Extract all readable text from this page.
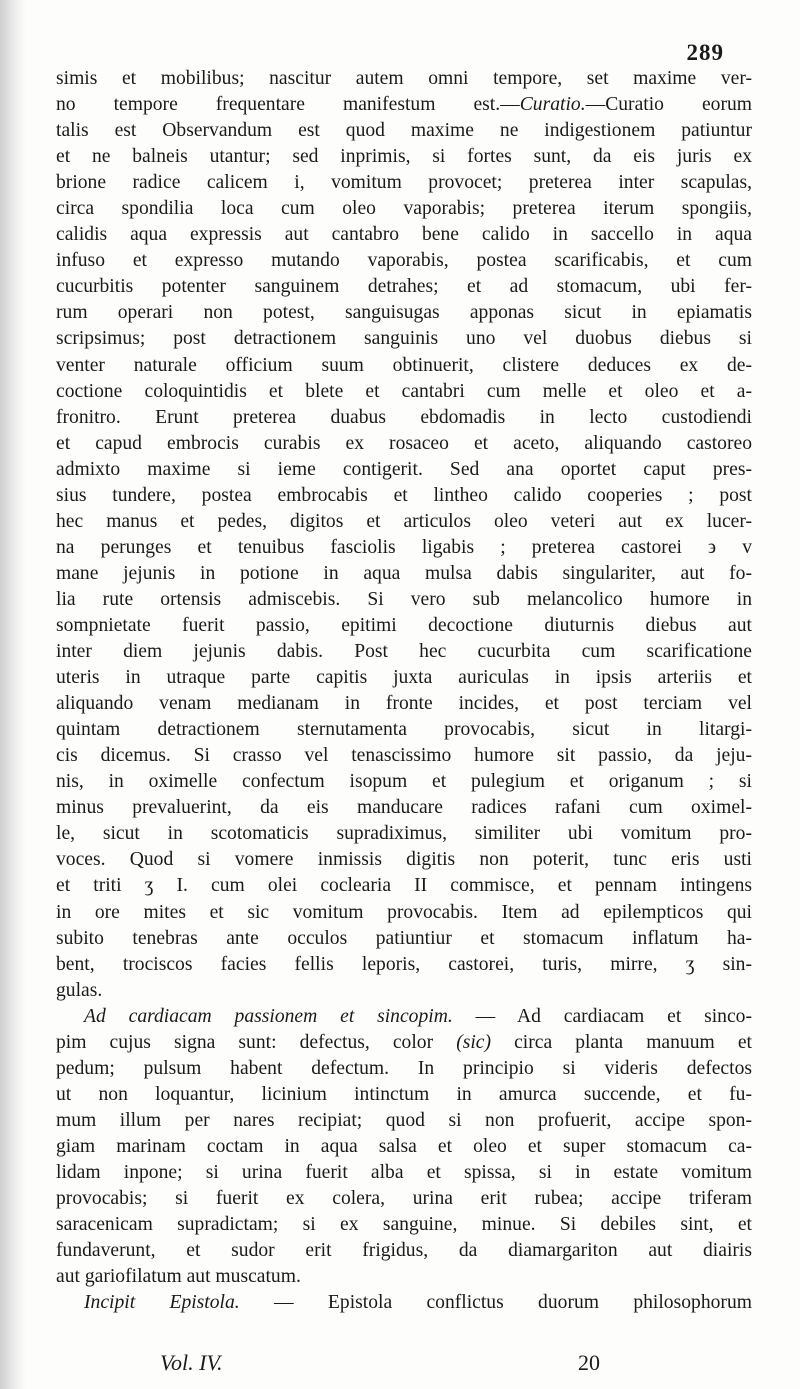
289
simis et mobilibus; nascitur autem omni tempore, set maxime ver-
no tempore frequentare manifestum est.—Curatio.—Curatio eorum
talis est Observandum est quod maxime ne indigestionem patiuntur
et ne balneis utantur; sed inprimis, si fortes sunt, da eis juris ex
brione radice calicem i, vomitum provocet; preterea inter scapulas,
circa spondilia loca cum oleo vaporabis; preterea iterum spongiis,
calidis aqua expressis aut cantabro bene calido in saccello in aqua
infuso et expresso mutando vaporabis, postea scarificabis, et cum
cucurbitis potenter sanguinem detrahes; et ad stomacum, ubi fer-
rum operari non potest, sanguisugas apponas sicut in epiamatis
scripsimus; post detractionem sanguinis uno vel duobus diebus si
venter naturale officium suum obtinuerit, clistere deduces ex de-
coctione coloquintidis et blete et cantabri cum melle et oleo et a-
fronitro. Erunt preterea duabus ebdomadis in lecto custodiendi
et capud embrocis curabis ex rosaceo et aceto, aliquando castoreo
admixto maxime si ieme contigerit. Sed ana oportet caput pres-
sius tundere, postea embrocabis et lintheo calido cooperies ; post
hec manus et pedes, digitos et articulos oleo veteri aut ex lucer-
na perunges et tenuibus fasciolis ligabis ; preterea castorei ϶ v
mane jejunis in potione in aqua mulsa dabis singulariter, aut fo-
lia rute ortensis admiscebis. Si vero sub melancolico humore in
sompnietate fuerit passio, epitimi decoctione diuturnis diebus aut
inter diem jejunis dabis. Post hec cucurbita cum scarificatione
uteris in utraque parte capitis juxta auriculas in ipsis arteriis et
aliquando venam medianam in fronte incides, et post terciam vel
quintam detractionem sternutamenta provocabis, sicut in litargi-
cis dicemus. Si crasso vel tenascissimo humore sit passio, da jeju-
nis, in oximelle confectum isopum et pulegium et origanum ; si
minus prevaluerint, da eis manducare radices rafani cum oximel-
le, sicut in scotomaticis supradiximus, similiter ubi vomitum pro-
voces. Quod si vomere inmissis digitis non poterit, tunc eris usti
et triti ʒ I. cum olei coclearia II commisce, et pennam intingens
in ore mites et sic vomitum provocabis. Item ad epilempticos qui
subito tenebras ante occulos patiuntiur et stomacum inflatum ha-
bent, trociscos facies fellis leporis, castorei, turis, mirre, ʒ sin-
gulas.
Ad cardiacam passionem et sincopim. — Ad cardiacam et sinco-
pim cujus signa sunt: defectus, color (sic) circa planta manuum et
pedum; pulsum habent defectum. In principio si videris defectos
ut non loquantur, licinium intinctum in amurca succende, et fu-
mum illum per nares recipiat; quod si non profuerit, accipe spon-
giam marinam coctam in aqua salsa et oleo et super stomacum ca-
lidam inpone; si urina fuerit alba et spissa, si in estate vomitum
provocabis; si fuerit ex colera, urina erit rubea; accipe triferam
saracenicam supradictam; si ex sanguine, minue. Si debiles sint, et
fundaverunt, et sudor erit frigidus, da diamargariton aut diairis
aut gariofilatum aut muscatum.
Incipit Epistola. — Epistola conflictus duorum philosophorum
Vol. IV.	20
